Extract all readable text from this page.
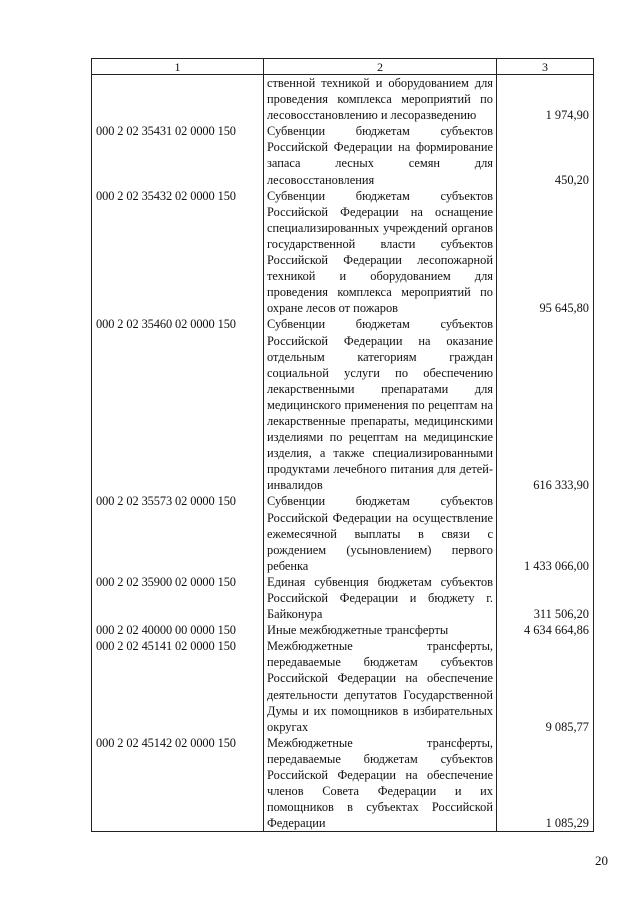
1	2	3
	ственной техникой и оборудованием для проведения комплекса мероприятий по лесовосстановлению и лесоразведению	1 974,90
000 2 02 35431 02 0000 150	Субвенции бюджетам субъектов Российской Федерации на формирование запаса лесных семян для лесовосстановления	450,20
000 2 02 35432 02 0000 150	Субвенции бюджетам субъектов Российской Федерации на оснащение специализированных учреждений органов государственной власти субъектов Российской Федерации лесопожарной техникой и оборудованием для проведения комплекса мероприятий по охране лесов от пожаров	95 645,80
000 2 02 35460 02 0000 150	Субвенции бюджетам субъектов Российской Федерации на оказание отдельным категориям граждан социальной услуги по обеспечению лекарственными препаратами для медицинского применения по рецептам на лекарственные препараты, медицинскими изделиями по рецептам на медицинские изделия, а также специализированными продуктами лечебного питания для детей-инвалидов	616 333,90
000 2 02 35573 02 0000 150	Субвенции бюджетам субъектов Российской Федерации на осуществление ежемесячной выплаты в связи с рождением (усыновлением) первого ребенка	1 433 066,00
000 2 02 35900 02 0000 150	Единая субвенция бюджетам субъектов Российской Федерации и бюджету г. Байконура	311 506,20
000 2 02 40000 00 0000 150	Иные межбюджетные трансферты	4 634 664,86
000 2 02 45141 02 0000 150	Межбюджетные трансферты, передаваемые бюджетам субъектов Российской Федерации на обеспечение деятельности депутатов Государственной Думы и их помощников в избирательных округах	9 085,77
000 2 02 45142 02 0000 150	Межбюджетные трансферты, передаваемые бюджетам субъектов Российской Федерации на обеспечение членов Совета Федерации и их помощников в субъектах Российской Федерации	1 085,29
20
